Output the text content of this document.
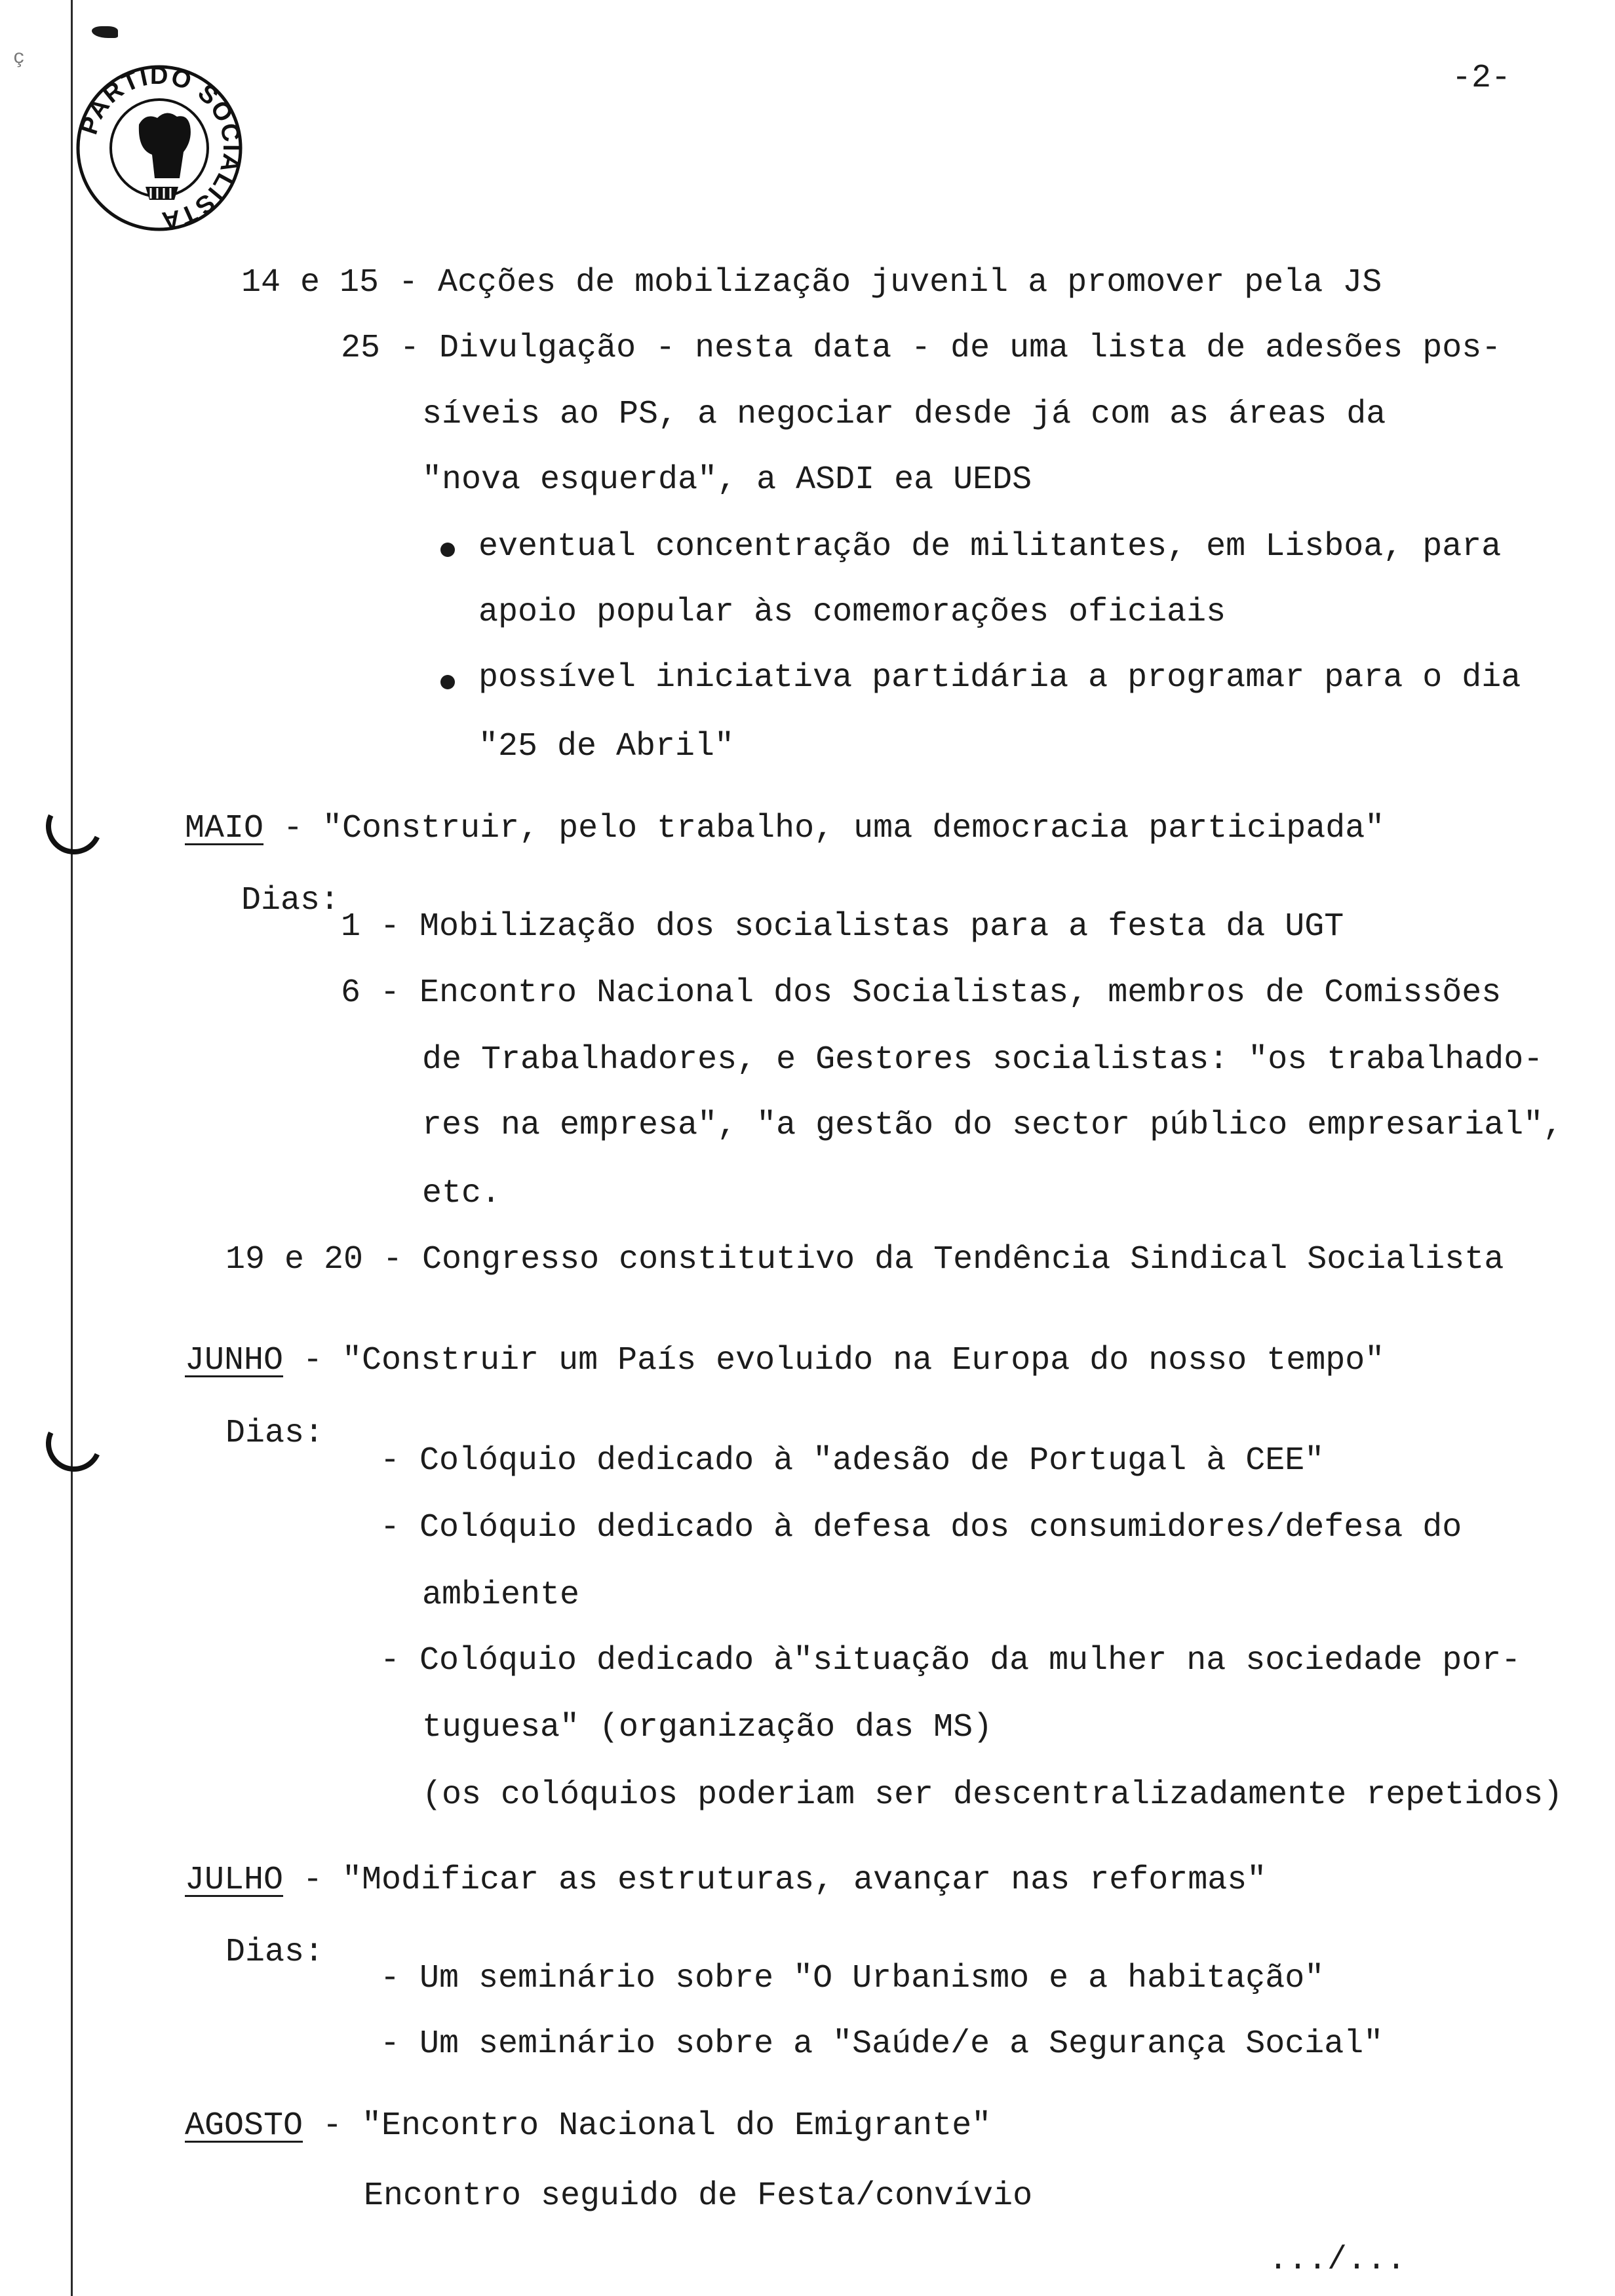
ç
PARTIDO SOCIALISTA
-2-
14 e 15 - Acções de mobilização juvenil a promover pela JS
25 - Divulgação - nesta data - de uma lista de adesões pos-
síveis ao PS, a negociar desde já com as áreas da
"nova esquerda", a ASDI ea UEDS
eventual concentração de militantes, em Lisboa, para
apoio popular às comemorações oficiais
possível iniciativa partidária a programar para o dia
"25 de Abril"
MAIO - "Construir, pelo trabalho, uma democracia participada"
Dias:
1 - Mobilização dos socialistas para a festa da UGT
6 - Encontro Nacional dos Socialistas, membros de Comissões
de Trabalhadores, e Gestores socialistas: "os trabalhado-
res na empresa", "a gestão do sector público empresarial",
etc.
19 e 20 - Congresso constitutivo da Tendência Sindical Socialista
JUNHO - "Construir um País evoluido na Europa do nosso tempo"
Dias:
- Colóquio dedicado à "adesão de Portugal à CEE"
- Colóquio dedicado à defesa dos consumidores/defesa do
ambiente
- Colóquio dedicado à"situação da mulher na sociedade por-
tuguesa" (organização das MS)
(os colóquios poderiam ser descentralizadamente repetidos)
JULHO - "Modificar as estruturas, avançar nas reformas"
Dias:
- Um seminário sobre "O Urbanismo e a habitação"
- Um seminário sobre a "Saúde/e a Segurança Social"
AGOSTO - "Encontro Nacional do Emigrante"
Encontro seguido de Festa/convívio
.../...
